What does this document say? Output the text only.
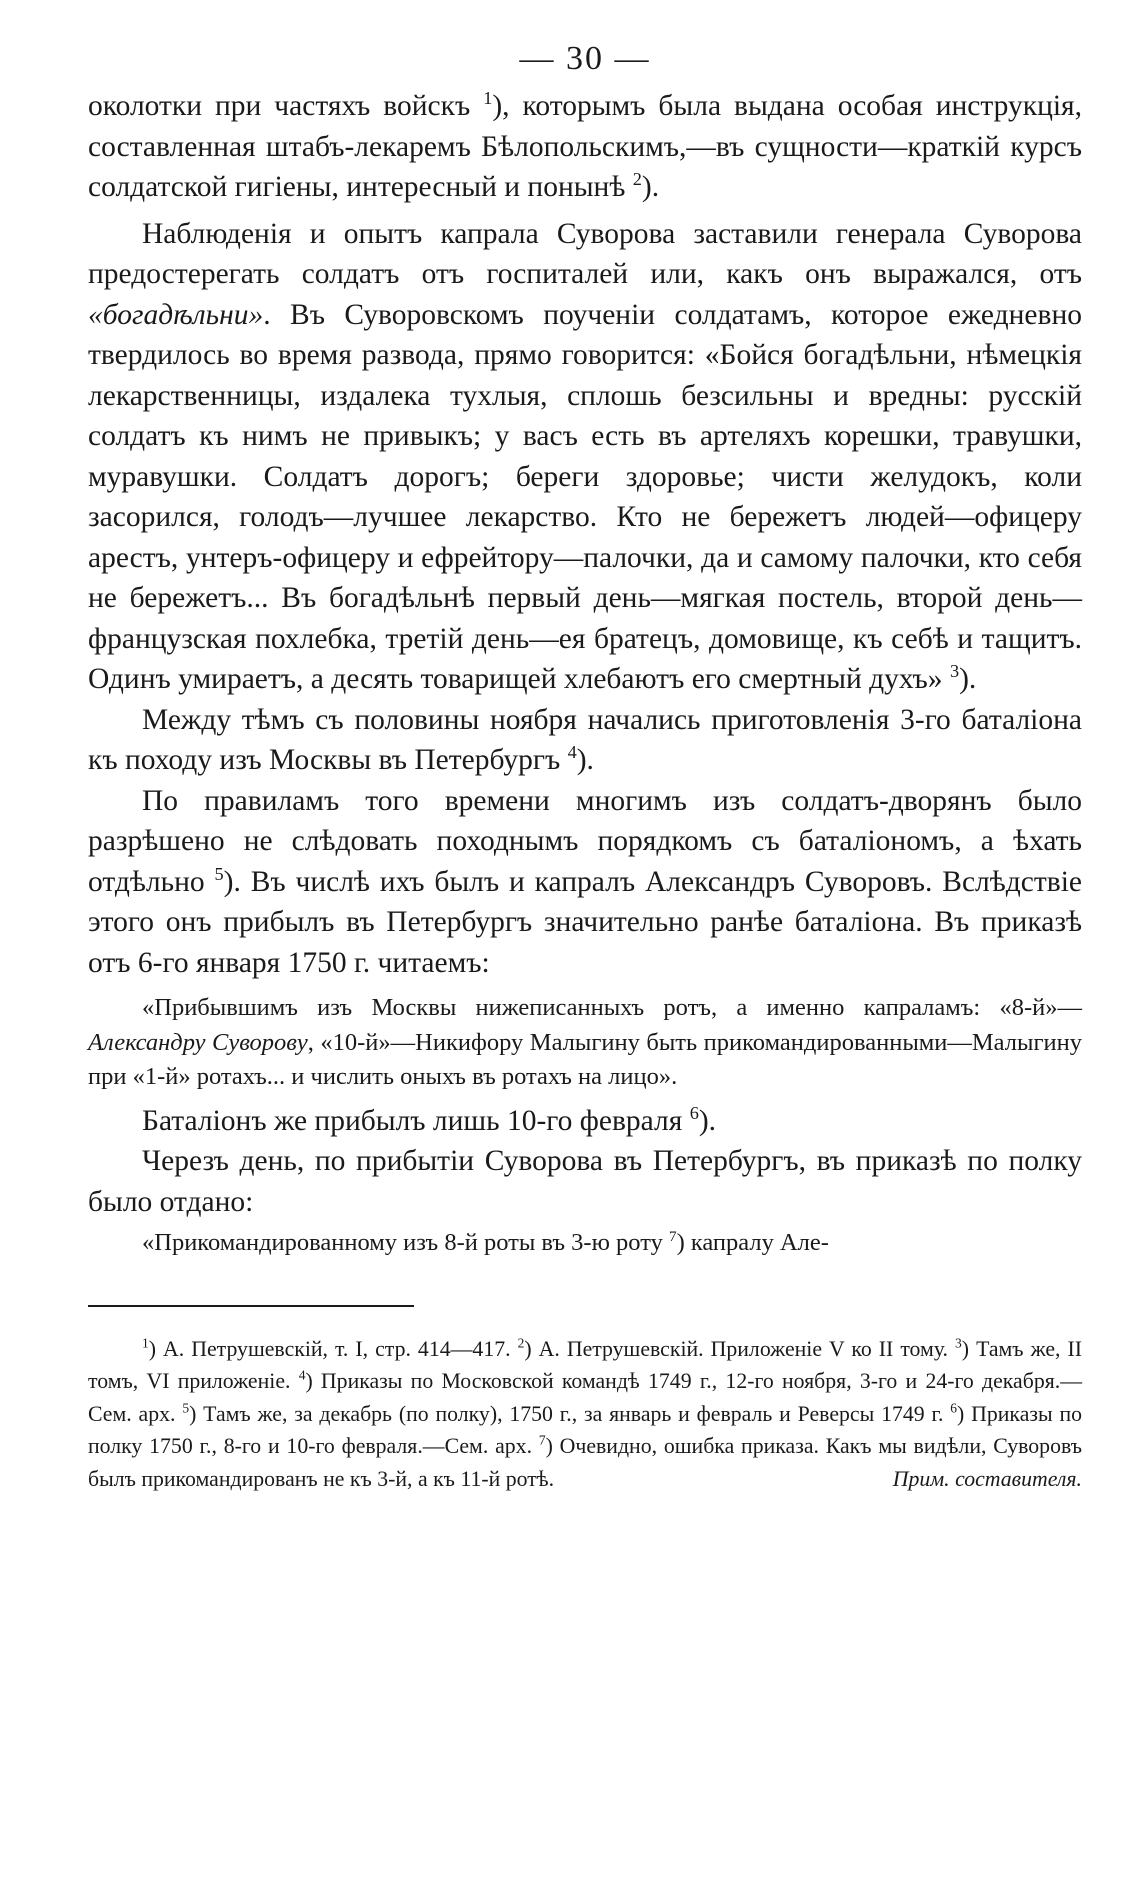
— 30 —

околотки при частяхъ войскъ $^1$), которымъ была выдана особая инструкція, составленная штабъ-лекаремъ Бѣлопольскимъ,—въ сущности—краткій курсъ солдатской гигіены, интересный и понынѣ $^2$).

Наблюденія и опытъ капрала Суворова заставили генерала Суворова предостерегать солдатъ отъ госпиталей или, какъ онъ выражался, отъ «богадѣльни». Въ Суворовскомъ поученіи солдатамъ, которое ежедневно твердилось во время развода, прямо говорится: «Бойся богадѣльни, нѣмецкія лекарственницы, издалека тухлыя, сплошь безсильны и вредны: русскій солдатъ къ нимъ не привыкъ; у васъ есть въ артеляхъ корешки, травушки, муравушки. Солдатъ дорогъ; береги здоровье; чисти желудокъ, коли засорился, голодъ—лучшее лекарство. Кто не бережетъ людей—офицеру арестъ, унтеръ-офицеру и ефрейтору—палочки, да и самому палочки, кто себя не бережетъ... Въ богадѣльнѣ первый день—мягкая постель, второй день—французская похлебка, третій день—ея братецъ, домовище, къ себѣ и тащитъ. Одинъ умираетъ, а десять товарищей хлебаютъ его смертный духъ» $^3$).

Между тѣмъ съ половины ноября начались приготовленія 3-го баталіона къ походу изъ Москвы въ Петербургъ $^4$).

По правиламъ того времени многимъ изъ солдатъ-дворянъ было разрѣшено не слѣдовать походнымъ порядкомъ съ баталіономъ, а ѣхать отдѣльно $^5$). Въ числѣ ихъ былъ и капралъ Александръ Суворовъ. Вслѣдствіе этого онъ прибылъ въ Петербургъ значительно ранѣе баталіона. Въ приказѣ отъ 6-го января 1750 г. читаемъ:

«Прибывшимъ изъ Москвы нижеписанныхъ ротъ, а именно капраламъ: «8-й»—Александру Суворову, «10-й»—Никифору Малыгину быть прикомандированными—Малыгину при «1-й» ротахъ... и числить оныхъ въ ротахъ на лицо».

Баталіонъ же прибылъ лишь 10-го февраля $^6$).

Черезъ день, по прибытіи Суворова въ Петербургъ, въ приказѣ по полку было отдано:

«Прикомандированному изъ 8-й роты въ 3-ю роту $^7$) капралу Але-

$^1$) А. Петрушевскій, т. I, стр. 414—417. $^2$) А. Петрушевскій. Приложеніе V ко II тому. $^3$) Тамъ же, II томъ, VI приложеніе. $^4$) Приказы по Московской командѣ 1749 г., 12-го ноября, 3-го и 24-го декабря.—Сем. арх. $^5$) Тамъ же, за декабрь (по полку), 1750 г., за январь и февраль и Реверсы 1749 г. $^6$) Приказы по полку 1750 г., 8-го и 10-го февраля.—Сем. арх. $^7$) Очевидно, ошибка приказа. Какъ мы видѣли, Суворовъ былъ прикомандированъ не къ 3-й, а къ 11-й ротѣ.	Прим. составителя.
